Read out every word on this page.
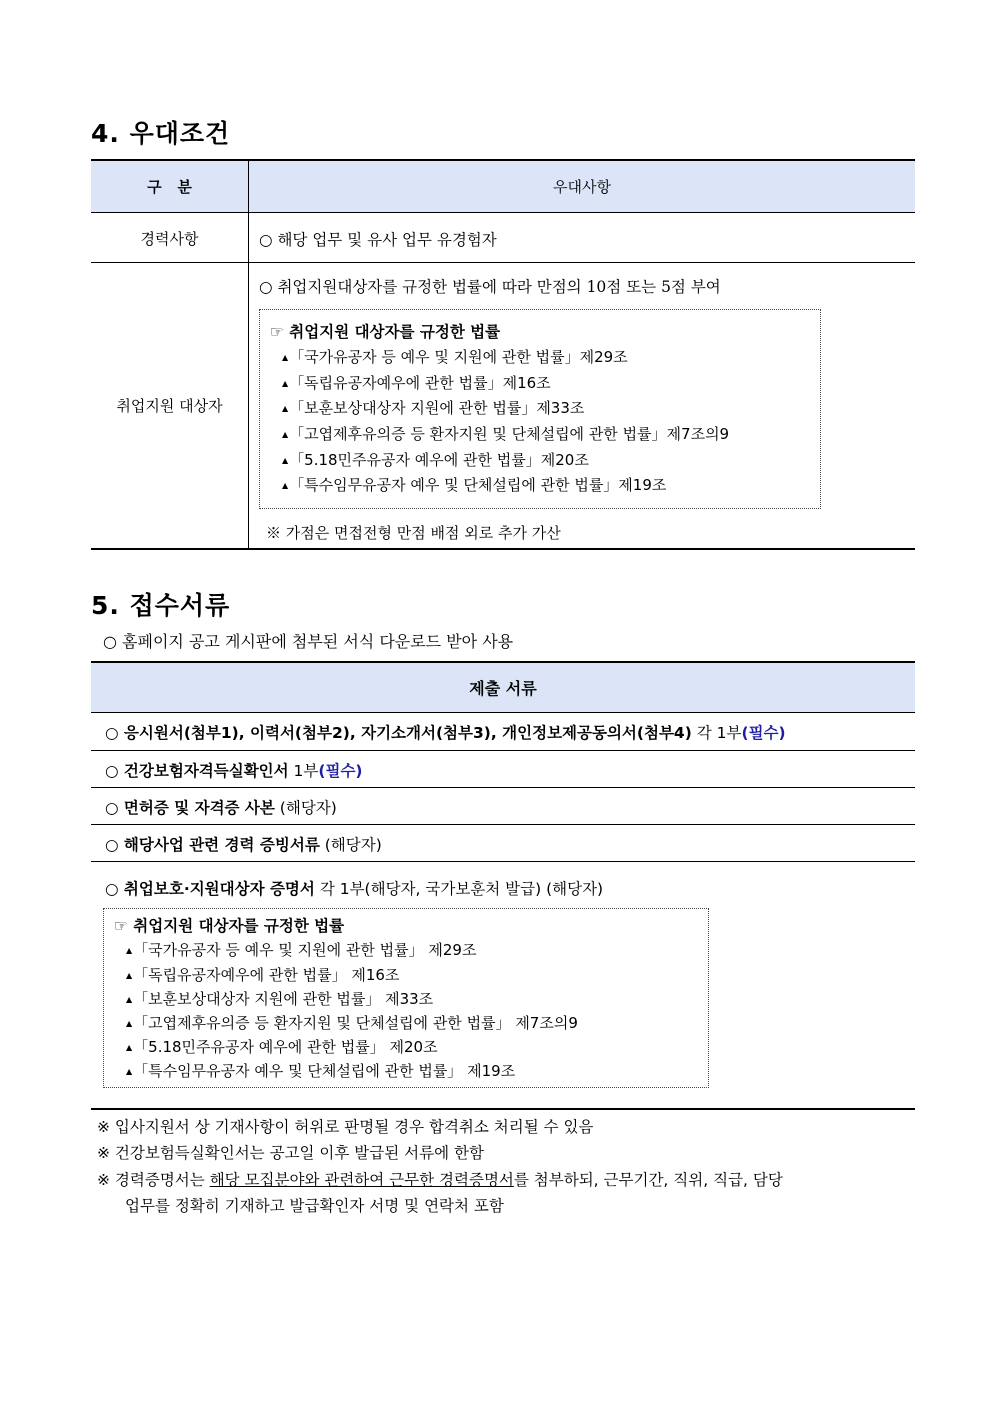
4. 우대조건
구   분	우대사항
경력사항	○ 해당 업무 및 유사 업무 유경험자
취업지원 대상자
○ 취업지원대상자를 규정한 법률에 따라 만점의 10점 또는 5점 부여
☞ 취업지원 대상자를 규정한 법률
▲「국가유공자 등 예우 및 지원에 관한 법률」제29조
▲「독립유공자예우에 관한 법률」제16조
▲「보훈보상대상자 지원에 관한 법률」제33조
▲「고엽제후유의증 등 환자지원 및 단체설립에 관한 법률」제7조의9
▲「5.18민주유공자 예우에 관한 법률」제20조
▲「특수임무유공자 예우 및 단체설립에 관한 법률」제19조
※ 가점은 면접전형 만점 배점 외로 추가 가산
5. 접수서류
○ 홈페이지 공고 게시판에 첨부된 서식 다운로드 받아 사용
제출 서류
○ 응시원서(첨부1), 이력서(첨부2), 자기소개서(첨부3), 개인정보제공동의서(첨부4) 각 1부(필수)
○ 건강보험자격득실확인서 1부(필수)
○ 면허증 및 자격증 사본 (해당자)
○ 해당사업 관련 경력 증빙서류 (해당자)
○ 취업보호·지원대상자 증명서 각 1부(해당자, 국가보훈처 발급) (해당자)
☞ 취업지원 대상자를 규정한 법률
▲「국가유공자 등 예우 및 지원에 관한 법률」 제29조
▲「독립유공자예우에 관한 법률」 제16조
▲「보훈보상대상자 지원에 관한 법률」 제33조
▲「고엽제후유의증 등 환자지원 및 단체설립에 관한 법률」 제7조의9
▲「5.18민주유공자 예우에 관한 법률」 제20조
▲「특수임무유공자 예우 및 단체설립에 관한 법률」 제19조
※ 입사지원서 상 기재사항이 허위로 판명될 경우 합격취소 처리될 수 있음
※ 건강보험득실확인서는 공고일 이후 발급된 서류에 한함
※ 경력증명서는 해당 모집분야와 관련하여 근무한 경력증명서를 첨부하되, 근무기간, 직위, 직급, 담당
업무를 정확히 기재하고 발급확인자 서명 및 연락처 포함
